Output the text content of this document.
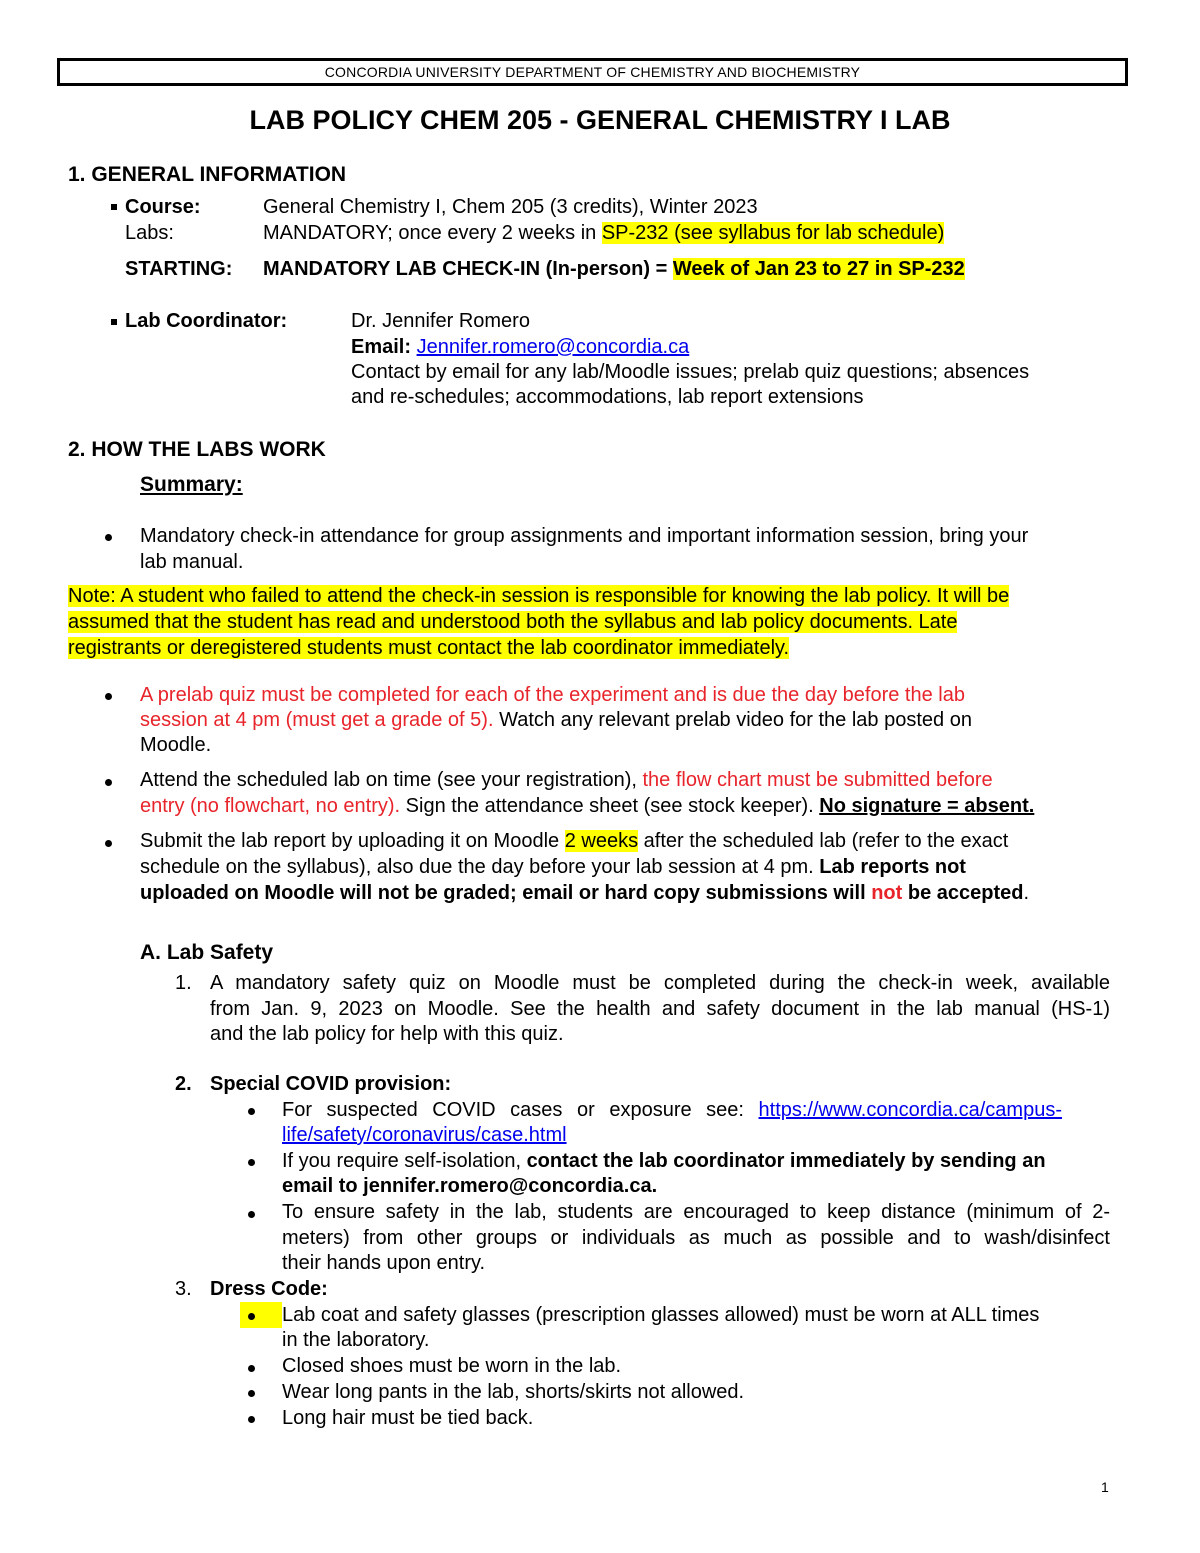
CONCORDIA UNIVERSITY DEPARTMENT OF CHEMISTRY AND BIOCHEMISTRY
LAB POLICY CHEM 205 - GENERAL CHEMISTRY I LAB
1. GENERAL INFORMATION
Course:	General Chemistry I, Chem 205 (3 credits), Winter 2023
Labs:	MANDATORY; once every 2 weeks in SP-232 (see syllabus for lab schedule)
STARTING: MANDATORY LAB CHECK-IN (In-person) = Week of Jan 23 to 27 in SP-232
Lab Coordinator:	Dr. Jennifer Romero
Email: Jennifer.romero@concordia.ca
Contact by email for any lab/Moodle issues; prelab quiz questions; absences
and re-schedules; accommodations, lab report extensions
2. HOW THE LABS WORK
Summary:
Mandatory check-in attendance for group assignments and important information session, bring your
lab manual.
Note: A student who failed to attend the check-in session is responsible for knowing the lab policy. It will be
assumed that the student has read and understood both the syllabus and lab policy documents. Late
registrants or deregistered students must contact the lab coordinator immediately.
A prelab quiz must be completed for each of the experiment and is due the day before the lab
session at 4 pm (must get a grade of 5). Watch any relevant prelab video for the lab posted on
Moodle.
Attend the scheduled lab on time (see your registration), the flow chart must be submitted before
entry (no flowchart, no entry). Sign the attendance sheet (see stock keeper). No signature = absent.
Submit the lab report by uploading it on Moodle 2 weeks after the scheduled lab (refer to the exact
schedule on the syllabus), also due the day before your lab session at 4 pm. Lab reports not
uploaded on Moodle will not be graded; email or hard copy submissions will not be accepted.
A. Lab Safety
1. A mandatory safety quiz on Moodle must be completed during the check-in week, available
from Jan. 9, 2023 on Moodle. See the health and safety document in the lab manual (HS-1)
and the lab policy for help with this quiz.
2. Special COVID provision:
For suspected COVID cases or exposure see: https://www.concordia.ca/campus-
life/safety/coronavirus/case.html
If you require self-isolation, contact the lab coordinator immediately by sending an
email to jennifer.romero@concordia.ca.
To ensure safety in the lab, students are encouraged to keep distance (minimum of 2-
meters) from other groups or individuals as much as possible and to wash/disinfect
their hands upon entry.
3. Dress Code:
Lab coat and safety glasses (prescription glasses allowed) must be worn at ALL times
in the laboratory.
Closed shoes must be worn in the lab.
Wear long pants in the lab, shorts/skirts not allowed.
Long hair must be tied back.
1
